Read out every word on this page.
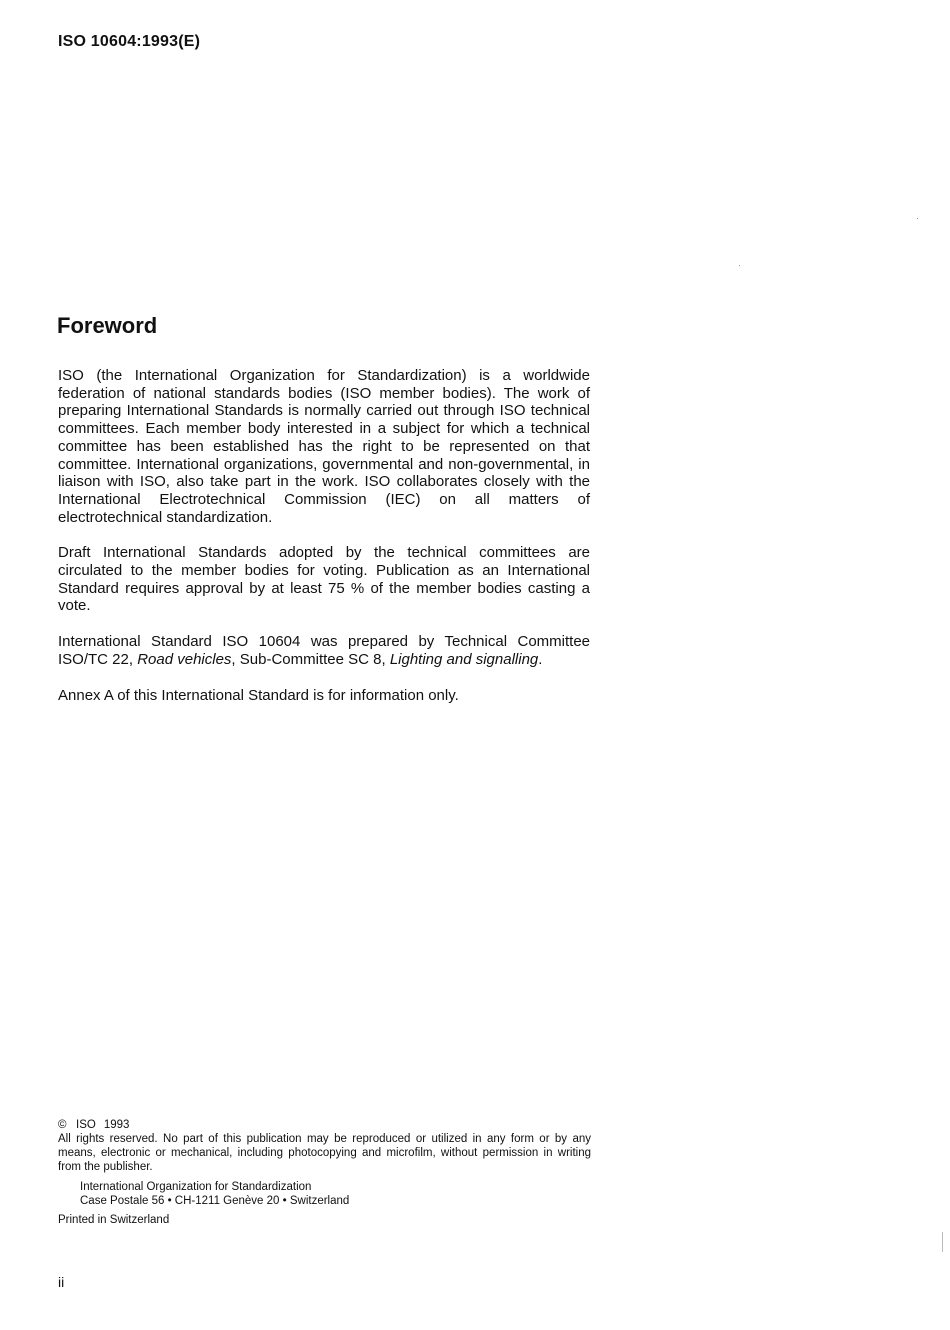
ISO 10604:1993(E)
Foreword

ISO (the International Organization for Standardization) is a worldwide federation of national standards bodies (ISO member bodies). The work of preparing International Standards is normally carried out through ISO technical committees. Each member body interested in a subject for which a technical committee has been established has the right to be represented on that committee. International organizations, governmental and non-governmental, in liaison with ISO, also take part in the work. ISO collaborates closely with the International Electrotechnical Commission (IEC) on all matters of electrotechnical standardization.

Draft International Standards adopted by the technical committees are circulated to the member bodies for voting. Publication as an International Standard requires approval by at least 75 % of the member bodies casting a vote.

International Standard ISO 10604 was prepared by Technical Committee ISO/TC 22, Road vehicles, Sub-Committee SC 8, Lighting and signalling.

Annex A of this International Standard is for information only.

© ISO 1993
All rights reserved. No part of this publication may be reproduced or utilized in any form or by any means, electronic or mechanical, including photocopying and microfilm, without permission in writing from the publisher.
International Organization for Standardization
Case Postale 56 • CH-1211 Genève 20 • Switzerland
Printed in Switzerland
ii
